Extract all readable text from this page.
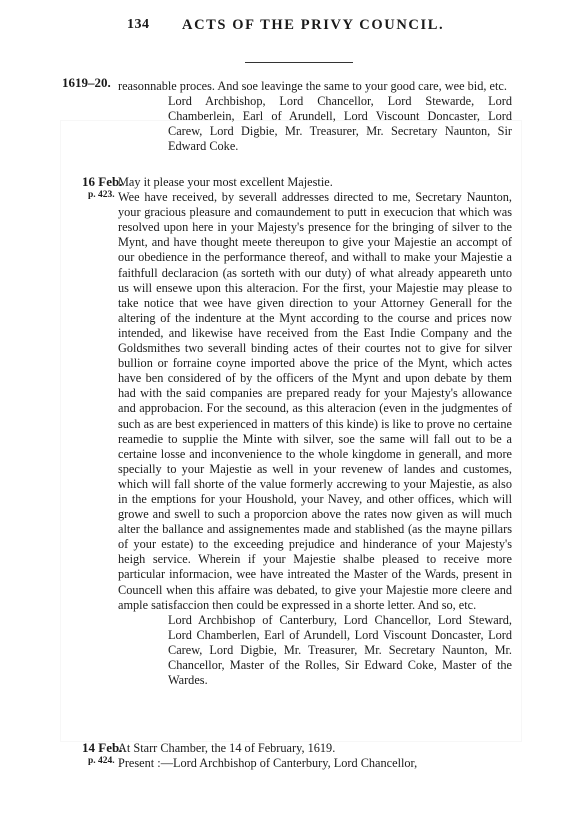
134 ACTS OF THE PRIVY COUNCIL.
1619–20. reasonnable proces. And soe leavinge the same to your good care, wee bid, etc.

Lord Archbishop, Lord Chancellor, Lord Stewarde, Lord Chamberlein, Earl of Arundell, Lord Viscount Doncaster, Lord Carew, Lord Digbie, Mr. Treasurer, Mr. Secretary Naunton, Sir Edward Coke.

16 Feb.
p. 423.

May it please your most excellent Majestie.

Wee have received, by severall addresses directed to me, Secretary Naunton, your gracious pleasure and comaundement to putt in execucion that which was resolved upon here in your Majesty's presence for the bringing of silver to the Mynt, and have thought meete thereupon to give your Majestie an accompt of our obedience in the performance thereof, and withall to make your Majestie a faithfull declaracion (as sorteth with our duty) of what already appeareth unto us will ensewe upon this alteracion. For the first, your Majestie may please to take notice that wee have given direction to your Attorney Generall for the altering of the indenture at the Mynt according to the course and prices now intended, and likewise have received from the East Indie Company and the Goldsmithes two severall binding actes of their courtes not to give for silver bullion or forraine coyne imported above the price of the Mynt, which actes have ben considered of by the officers of the Mynt and upon debate by them had with the said companies are prepared ready for your Majesty's allowance and approbacion. For the secound, as this alteracion (even in the judgmentes of such as are best experienced in matters of this kinde) is like to prove no certaine reamedie to supplie the Minte with silver, soe the same will fall out to be a certaine losse and inconvenience to the whole kingdome in generall, and more specially to your Majestie as well in your revenew of landes and customes, which will fall shorte of the value formerly accrewing to your Majestie, as also in the emptions for your Houshold, your Navey, and other offices, which will growe and swell to such a proporcion above the rates now given as will much alter the ballance and assignementes made and stablished (as the mayne pillars of your estate) to the exceeding prejudice and hinderance of your Majesty's heigh service. Wherein if your Majestie shalbe pleased to receive more particular informacion, wee have intreated the Master of the Wards, present in Councell when this affaire was debated, to give your Majestie more cleere and ample satisfaccion then could be expressed in a shorte letter. And so, etc.

Lord Archbishop of Canterbury, Lord Chancellor, Lord Steward, Lord Chamberlen, Earl of Arundell, Lord Viscount Doncaster, Lord Carew, Lord Digbie, Mr. Treasurer, Mr. Secretary Naunton, Mr. Chancellor, Master of the Rolles, Sir Edward Coke, Master of the Wardes.

14 Feb.
p. 424.

At Starr Chamber, the 14 of February, 1619.

Present :—Lord Archbishop of Canterbury, Lord Chancellor,
